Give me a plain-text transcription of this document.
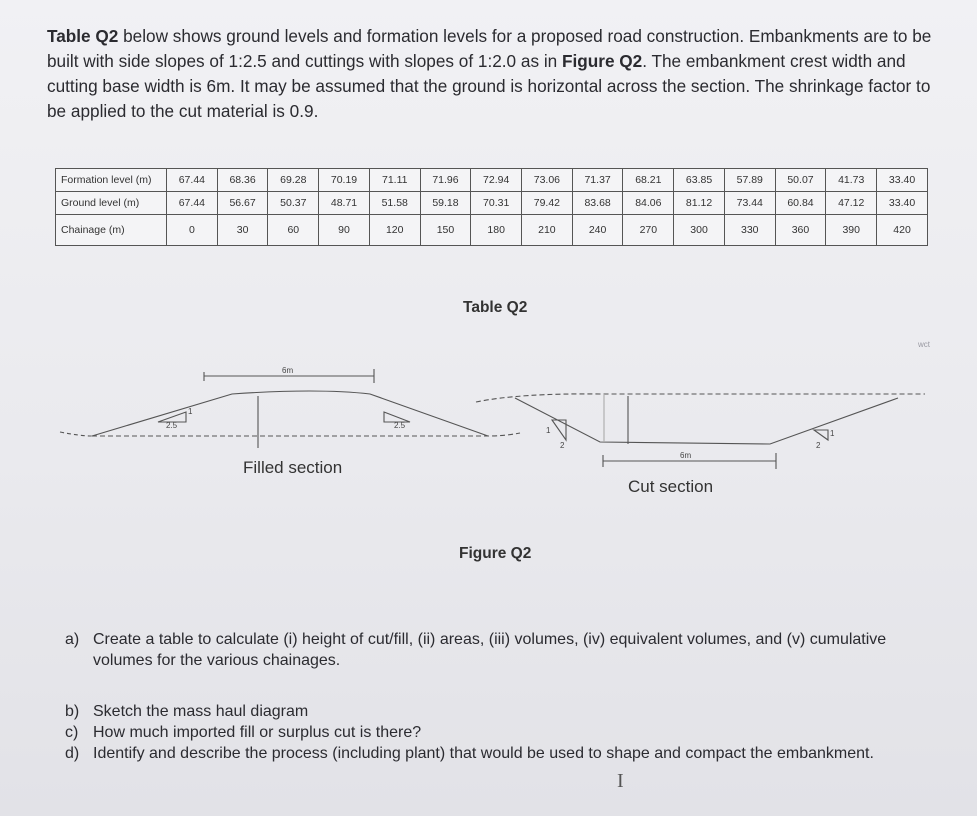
Table Q2 below shows ground levels and formation levels for a proposed road construction. Embankments are to be built with side slopes of 1:2.5 and cuttings with slopes of 1:2.0 as in Figure Q2. The embankment crest width and cutting base width is 6m. It may be assumed that the ground is horizontal across the section. The shrinkage factor to be applied to the cut material is 0.9.
Formation level (m)	67.44	68.36	69.28	70.19	71.11	71.96	72.94	73.06	71.37	68.21	63.85	57.89	50.07	41.73	33.40
Ground level (m)	67.44	56.67	50.37	48.71	51.58	59.18	70.31	79.42	83.68	84.06	81.12	73.44	60.84	47.12	33.40
Chainage (m)	0	30	60	90	120	150	180	210	240	270	300	330	360	390	420
Table Q2
wct
6m
2.5
1
2.5
2
1
6m
2
1
Filled section
Cut section
Figure Q2
a) Create a table to calculate (i) height of cut/fill, (ii) areas, (iii) volumes, (iv) equivalent volumes, and (v) cumulative volumes for the various chainages.
b) Sketch the mass haul diagram
c) How much imported fill or surplus cut is there?
d) Identify and describe the process (including plant) that would be used to shape and compact the embankment.
I
